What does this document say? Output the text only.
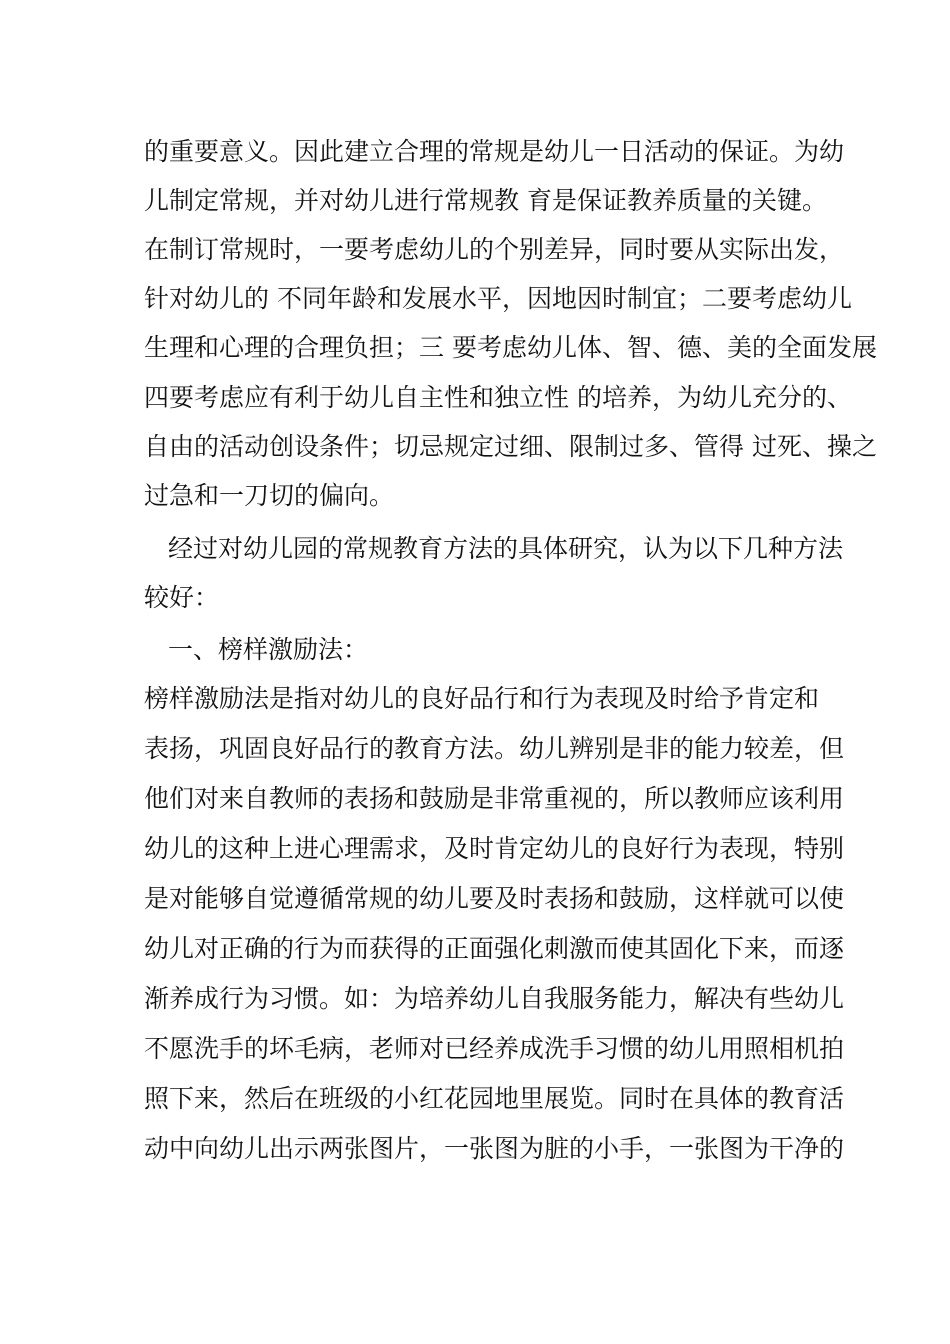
的重要意义。因此建立合理的常规是幼儿一日活动的保证。为幼
儿制定常规，并对幼儿进行常规教 育是保证教养质量的关键。
在制订常规时，一要考虑幼儿的个别差异，同时要从实际出发，
针对幼儿的 不同年龄和发展水平，因地因时制宜；二要考虑幼儿
生理和心理的合理负担；三 要考虑幼儿体、智、德、美的全面发展
四要考虑应有利于幼儿自主性和独立性 的培养，为幼儿充分的、
自由的活动创设条件；切忌规定过细、限制过多、管得 过死、操之
过急和一刀切的偏向。
经过对幼儿园的常规教育方法的具体研究，认为以下几种方法
较好：
一、榜样激励法：
榜样激励法是指对幼儿的良好品行和行为表现及时给予肯定和
表扬，巩固良好品行的教育方法。幼儿辨别是非的能力较差，但
他们对来自教师的表扬和鼓励是非常重视的，所以教师应该利用
幼儿的这种上进心理需求，及时肯定幼儿的良好行为表现，特别
是对能够自觉遵循常规的幼儿要及时表扬和鼓励，这样就可以使
幼儿对正确的行为而获得的正面强化刺激而使其固化下来，而逐
渐养成行为习惯。如：为培养幼儿自我服务能力，解决有些幼儿
不愿洗手的坏毛病，老师对已经养成洗手习惯的幼儿用照相机拍
照下来，然后在班级的小红花园地里展览。同时在具体的教育活
动中向幼儿出示两张图片，一张图为脏的小手，一张图为干净的
